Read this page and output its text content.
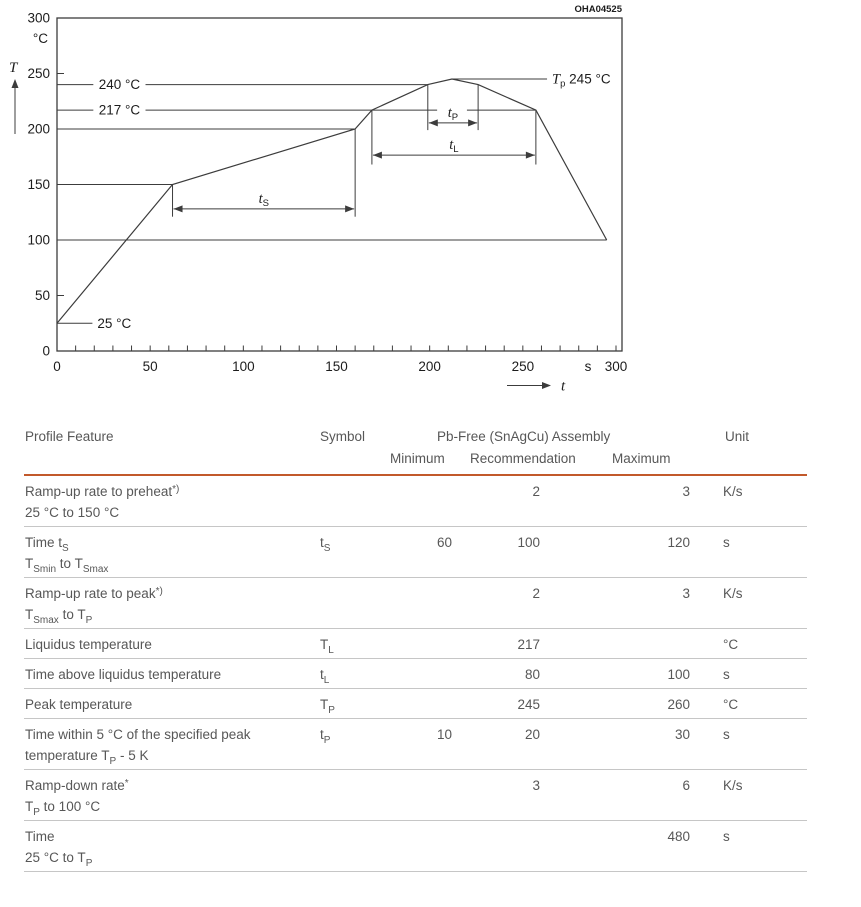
240 °C
217 °C
25 °C
$T_p$ 245 °C
$t_S$
$t_L$
$t_P$
300
250
200
150
100
50
0
0	50	100	150	200	250	300
s
°C
T
t
OHA04525
Profile Feature	Symbol	Pb-Free (SnAgCu) Assembly			Unit
		Minimum	Recommendation	Maximum	

Ramp-up rate to preheat*)
25 °C to 150 °C			2	3	K/s

Time $t_S$
$T_{Smin}$ to $T_{Smax}$	$t_S$	60	100	120	s

Ramp-up rate to peak*)
$T_{Smax}$ to $T_P$			2	3	K/s

Liquidus temperature	$T_L$		217		°C

Time above liquidus temperature	$t_L$		80	100	s

Peak temperature	$T_P$		245	260	°C

Time within 5 °C of the specified peak
temperature $T_P - 5$ K	$t_P$	10	20	30	s

Ramp-down rate*
$T_P$ to 100 °C			3	6	K/s

Time
25 °C to $T_P$				480	s
